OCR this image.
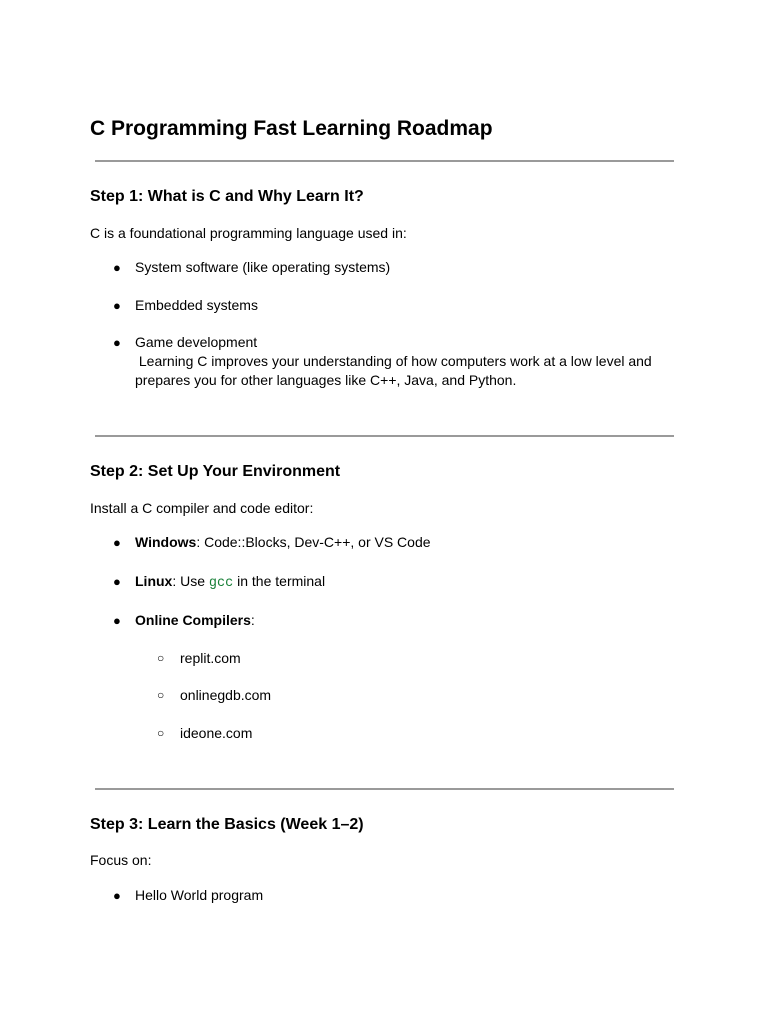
C Programming Fast Learning Roadmap
Step 1: What is C and Why Learn It?

C is a foundational programming language used in:

● System software (like operating systems)
● Embedded systems
● Game development
Learning C improves your understanding of how computers work at a low level and
prepares you for other languages like C++, Java, and Python.
Step 2: Set Up Your Environment

Install a C compiler and code editor:

● Windows: Code::Blocks, Dev-C++, or VS Code
● Linux: Use gcc in the terminal
● Online Compilers:
○ replit.com
○ onlinegdb.com
○ ideone.com
Step 3: Learn the Basics (Week 1–2)

Focus on:

● Hello World program
